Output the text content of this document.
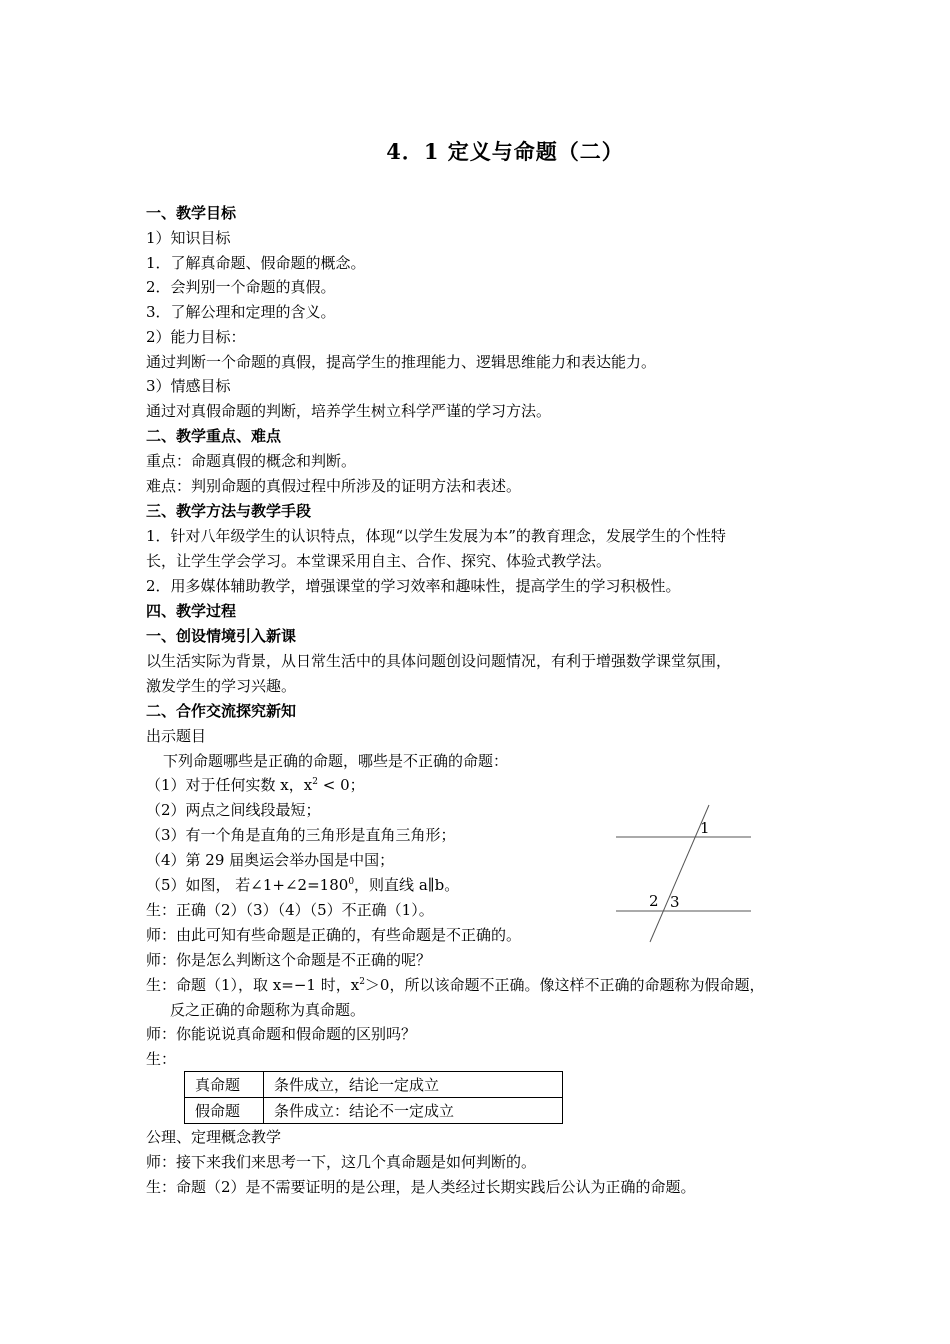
4．1 定义与命题（二）
一、教学目标
1）知识目标
1．了解真命题、假命题的概念。
2．会判别一个命题的真假。
3．了解公理和定理的含义。
2）能力目标：
通过判断一个命题的真假，提高学生的推理能力、逻辑思维能力和表达能力。
3）情感目标
通过对真假命题的判断，培养学生树立科学严谨的学习方法。
二、教学重点、难点
重点：命题真假的概念和判断。
难点：判别命题的真假过程中所涉及的证明方法和表述。
三、教学方法与教学手段
1．针对八年级学生的认识特点，体现“以学生发展为本”的教育理念，发展学生的个性特
长，让学生学会学习。本堂课采用自主、合作、探究、体验式教学法。
2．用多媒体辅助教学，增强课堂的学习效率和趣味性，提高学生的学习积极性。
四、教学过程
一、创设情境引入新课
以生活实际为背景，从日常生活中的具体问题创设问题情况，有利于增强数学课堂氛围，
激发学生的学习兴趣。
二、合作交流探究新知
出示题目
下列命题哪些是正确的命题，哪些是不正确的命题：
（1）对于任何实数 x，$x^2 < 0$；
（2）两点之间线段最短；
（3）有一个角是直角的三角形是直角三角形；
（4）第 29 届奥运会举办国是中国；
（5）如图， 若$\angle 1+\angle 2=180^0$，则直线 a∥b。
生：正确（2）（3）（4）（5）不正确（1）。
师：由此可知有些命题是正确的，有些命题是不正确的。
师：你是怎么判断这个命题是不正确的呢？
生：命题（1），取 x=−1 时，$x^2>0$，所以该命题不正确。像这样不正确的命题称为假命题，
反之正确的命题称为真命题。
师：你能说说真命题和假命题的区别吗？
生：
真命题	条件成立，结论一定成立
假命题	条件成立：结论不一定成立
公理、定理概念教学
师：接下来我们来思考一下，这几个真命题是如何判断的。
生：命题（2）是不需要证明的是公理，是人类经过长期实践后公认为正确的命题。
1
2 3
